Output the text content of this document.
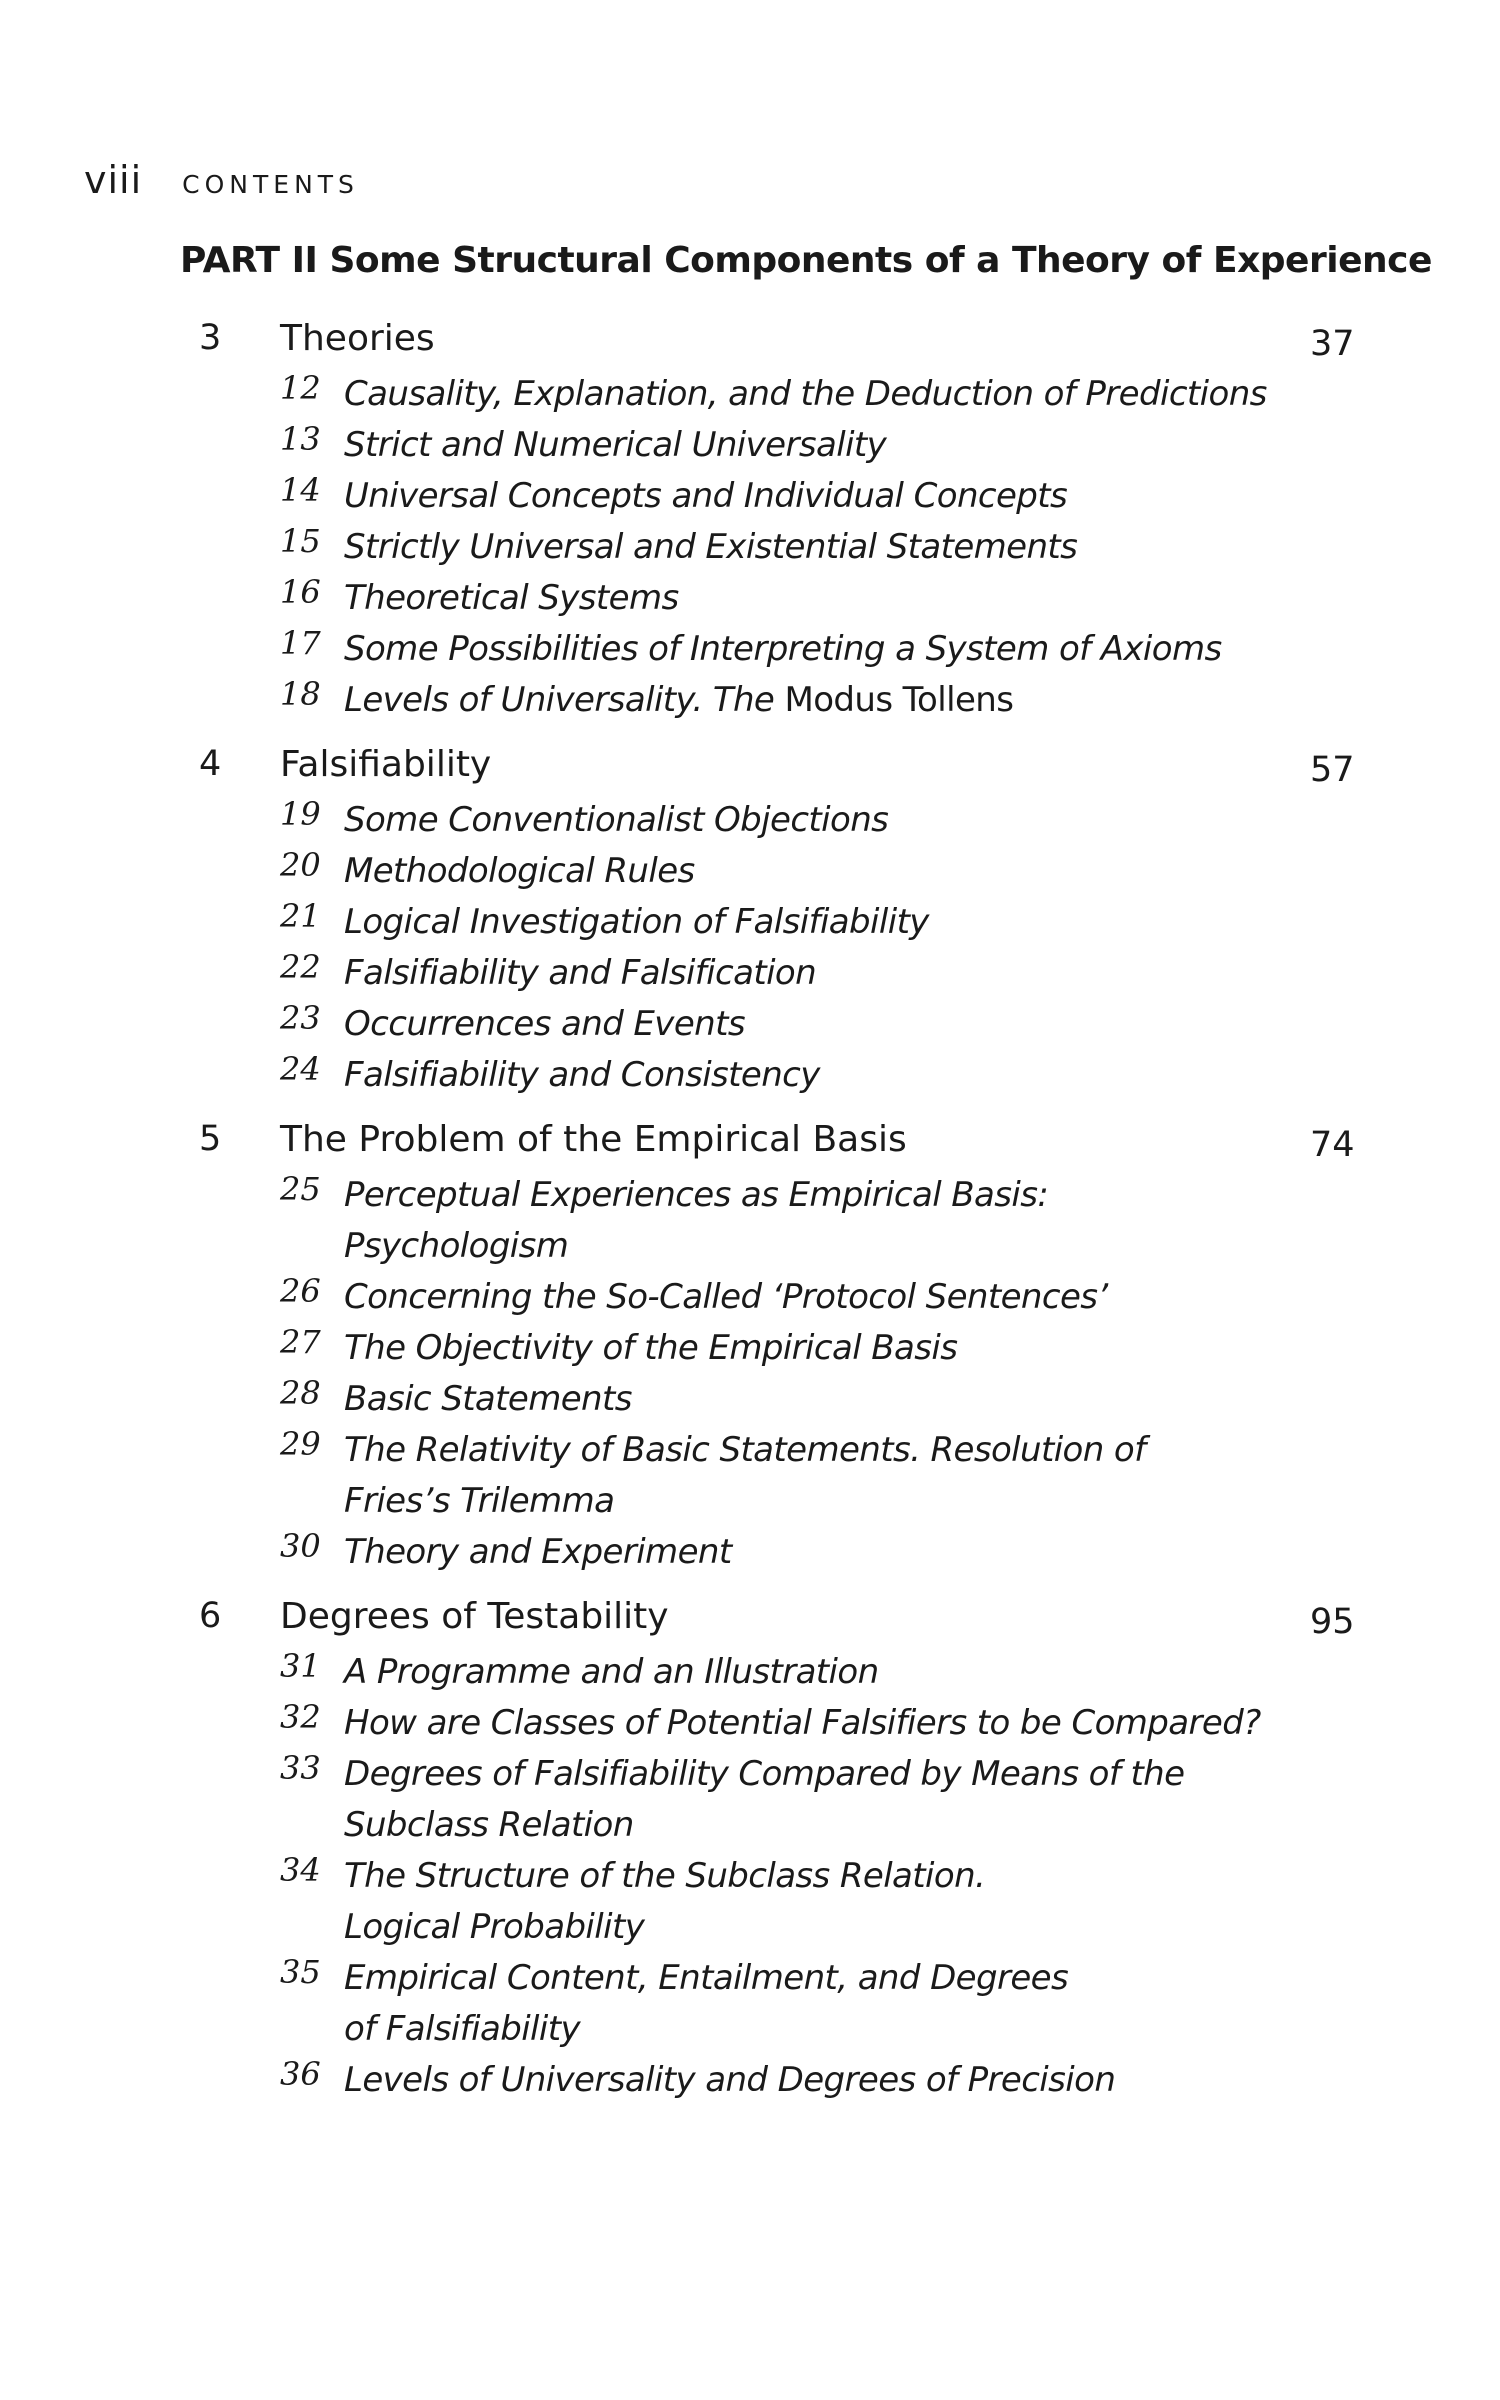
viii CONTENTS
PART II Some Structural Components of a Theory of Experience
3 Theories	37
12 Causality, Explanation, and the Deduction of Predictions
13 Strict and Numerical Universality
14 Universal Concepts and Individual Concepts
15 Strictly Universal and Existential Statements
16 Theoretical Systems
17 Some Possibilities of Interpreting a System of Axioms
18 Levels of Universality. The Modus Tollens
4 Falsifiability	57
19 Some Conventionalist Objections
20 Methodological Rules
21 Logical Investigation of Falsifiability
22 Falsifiability and Falsification
23 Occurrences and Events
24 Falsifiability and Consistency
5 The Problem of the Empirical Basis	74
25 Perceptual Experiences as Empirical Basis:
Psychologism
26 Concerning the So-Called ‘Protocol Sentences’
27 The Objectivity of the Empirical Basis
28 Basic Statements
29 The Relativity of Basic Statements. Resolution of
Fries’s Trilemma
30 Theory and Experiment
6 Degrees of Testability	95
31 A Programme and an Illustration
32 How are Classes of Potential Falsifiers to be Compared?
33 Degrees of Falsifiability Compared by Means of the
Subclass Relation
34 The Structure of the Subclass Relation.
Logical Probability
35 Empirical Content, Entailment, and Degrees
of Falsifiability
36 Levels of Universality and Degrees of Precision
